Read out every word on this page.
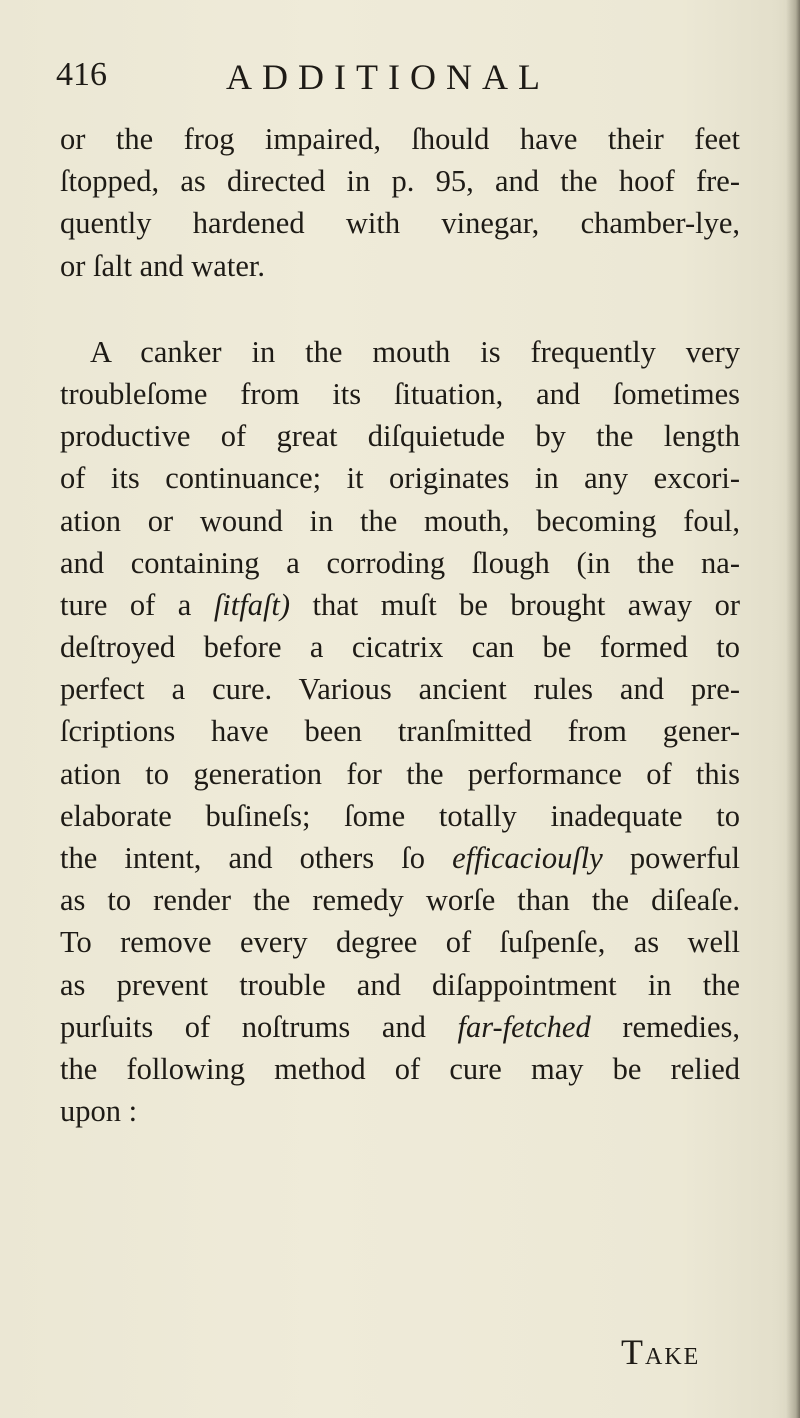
416	ADDITIONAL
or the frog impaired, ſhould have their feet
ſtopped, as directed in p. 95, and the hoof fre-
quently hardened with vinegar, chamber-lye,
or ſalt and water.
A canker in the mouth is frequently very
troubleſome from its ſituation, and ſometimes
productive of great diſquietude by the length
of its continuance; it originates in any excori-
ation or wound in the mouth, becoming foul,
and containing a corroding ſlough (in the na-
ture of a ſitfaſt) that muſt be brought away or
deſtroyed before a cicatrix can be formed to
perfect a cure. Various ancient rules and pre-
ſcriptions have been tranſmitted from gener-
ation to generation for the performance of this
elaborate buſineſs; ſome totally inadequate to
the intent, and others ſo efficaciouſly powerful
as to render the remedy worſe than the diſeaſe.
To remove every degree of ſuſpenſe, as well
as prevent trouble and diſappointment in the
purſuits of noſtrums and far-fetched remedies,
the following method of cure may be relied
upon :
TAKE
